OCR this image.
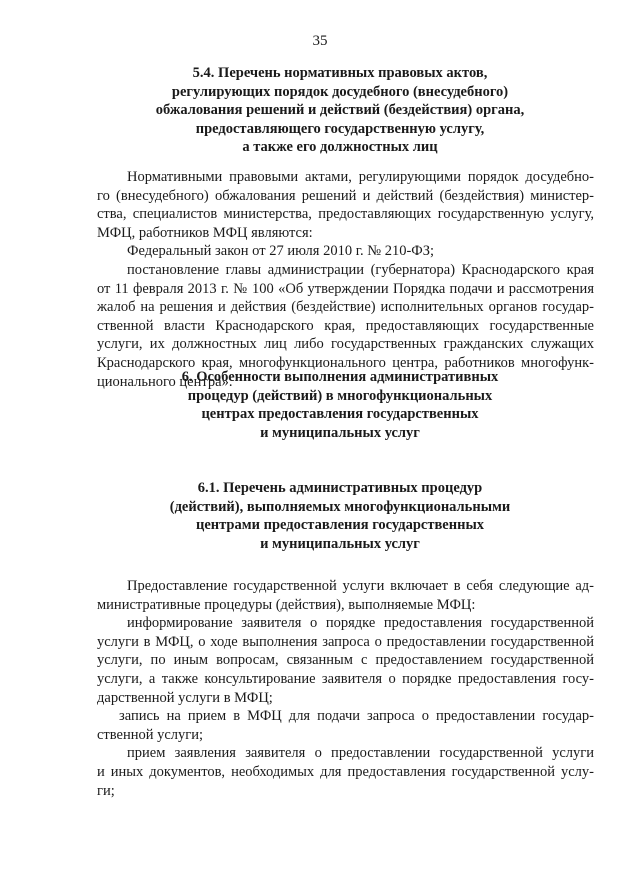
35
5.4. Перечень нормативных правовых актов,
регулирующих порядок досудебного (внесудебного)
обжалования решений и действий (бездействия) органа,
предоставляющего государственную услугу,
а также его должностных лиц
Нормативными правовыми актами, регулирующими порядок досудебно-
го (внесудебного) обжалования решений и действий (бездействия) министер-
ства, специалистов министерства, предоставляющих государственную услугу,
МФЦ, работников МФЦ являются:
Федеральный закон от 27 июля 2010 г. № 210-ФЗ;
постановление главы администрации (губернатора) Краснодарского края
от 11 февраля 2013 г. № 100 «Об утверждении Порядка подачи и рассмотрения
жалоб на решения и действия (бездействие) исполнительных органов государ-
ственной власти Краснодарского края, предоставляющих государственные
услуги, их должностных лиц либо государственных гражданских служащих
Краснодарского края, многофункционального центра, работников многофунк-
ционального центра».
6. Особенности выполнения административных
процедур (действий) в многофункциональных
центрах предоставления государственных
и муниципальных услуг
6.1. Перечень административных процедур
(действий), выполняемых многофункциональными
центрами предоставления государственных
и муниципальных услуг
Предоставление государственной услуги включает в себя следующие ад-
министративные процедуры (действия), выполняемые МФЦ:
информирование заявителя о порядке предоставления государственной
услуги в МФЦ, о ходе выполнения запроса о предоставлении государственной
услуги, по иным вопросам, связанным с предоставлением государственной
услуги, а также консультирование заявителя о порядке предоставления госу-
дарственной услуги в МФЦ;
запись на прием в МФЦ для подачи запроса о предоставлении государ-
ственной услуги;
прием заявления заявителя о предоставлении государственной услуги
и иных документов, необходимых для предоставления государственной услу-
ги;
